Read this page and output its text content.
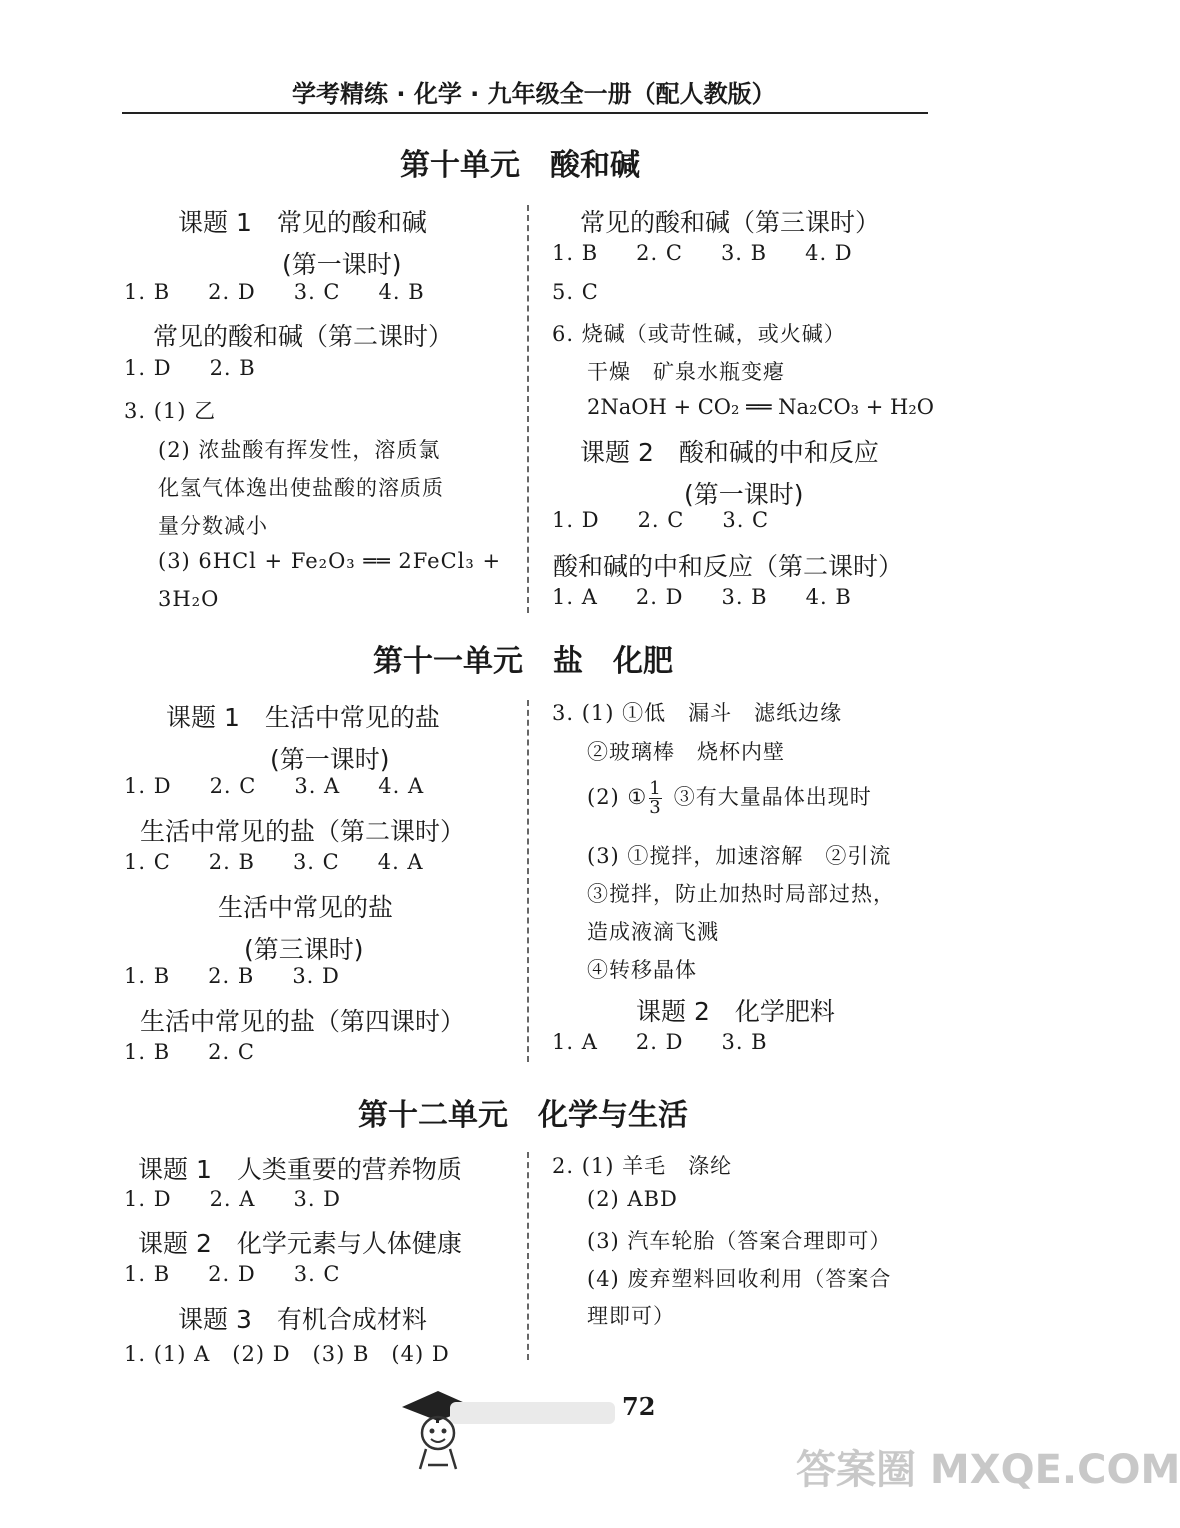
学考精练 · 化学 · 九年级全一册（配人教版）
第十单元　酸和碱
课题 1　常见的酸和碱
(第一课时)
1. B 2. D 3. C 4. B
常见的酸和碱（第二课时）
1. D 2. B
3. (1) 乙
(2) 浓盐酸有挥发性，溶质氯
化氢气体逸出使盐酸的溶质质
量分数减小
(3) 6HCl + Fe₂O₃ ══ 2FeCl₃ +
3H₂O
常见的酸和碱（第三课时）
1. B 2. C 3. B 4. D
5. C
6. 烧碱（或苛性碱，或火碱）
干燥　矿泉水瓶变瘪
2NaOH + CO₂ ══ Na₂CO₃ + H₂O
课题 2　酸和碱的中和反应
(第一课时)
1. D 2. C 3. C
酸和碱的中和反应（第二课时）
1. A 2. D 3. B 4. B
第十一单元　盐　化肥
课题 1　生活中常见的盐
(第一课时)
1. D 2. C 3. A 4. A
生活中常见的盐（第二课时）
1. C 2. B 3. C 4. A
生活中常见的盐
(第三课时)
1. B 2. B 3. D
生活中常见的盐（第四课时）
1. B 2. C
3. (1) ①低　漏斗　滤纸边缘
②玻璃棒　烧杯内壁
(2) ① $\frac{1}{3}$ ③有大量晶体出现时
(3) ①搅拌，加速溶解　②引流
③搅拌，防止加热时局部过热，
造成液滴飞溅
④转移晶体
课题 2　化学肥料
1. A 2. D 3. B
第十二单元　化学与生活
课题 1　人类重要的营养物质
1. D 2. A 3. D
课题 2　化学元素与人体健康
1. B 2. D 3. C
课题 3　有机合成材料
1. (1) A　(2) D　(3) B　(4) D
2. (1) 羊毛　涤纶
(2) ABD
(3) 汽车轮胎（答案合理即可）
(4) 废弃塑料回收利用（答案合
理即可）
72
答案圈 MXQE.COM
